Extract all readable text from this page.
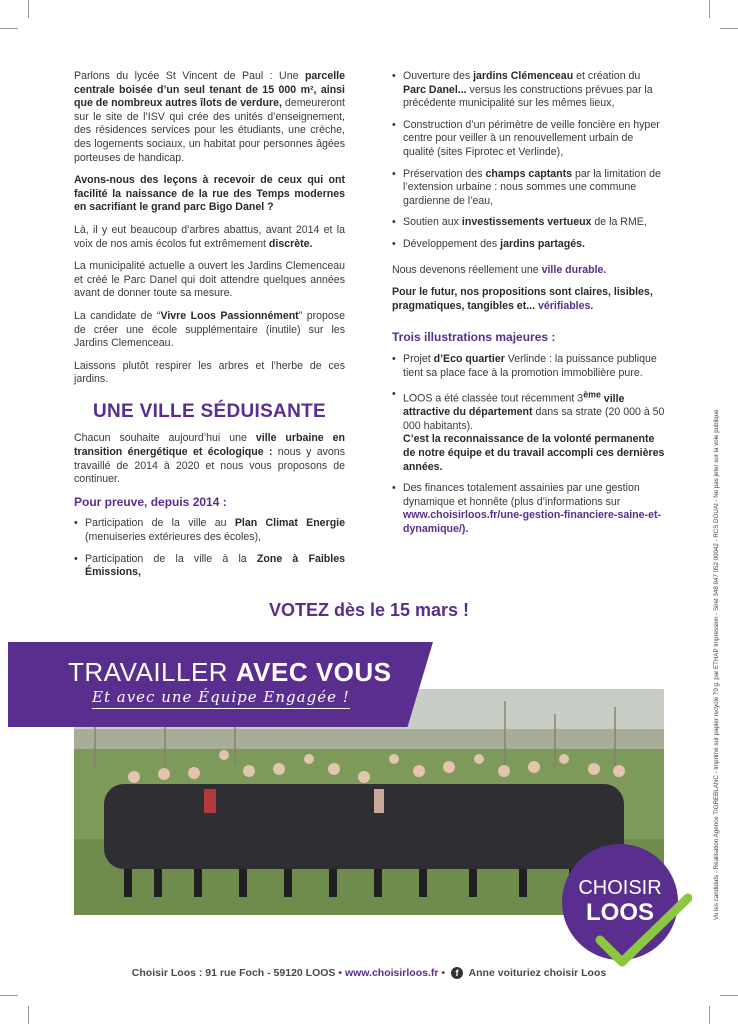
Parlons du lycée St Vincent de Paul : Une parcelle centrale boisée d’un seul tenant de 15 000 m², ainsi que de nombreux autres îlots de verdure, demeureront sur le site de l’ISV qui crée des unités d’enseignement, des résidences services pour les étudiants, une crèche, des logements sociaux, un habitat pour personnes âgées porteuses de handicap.

Avons-nous des leçons à recevoir de ceux qui ont facilité la naissance de la rue des Temps modernes en sacrifiant le grand parc Bigo Danel ?

Là, il y eut beaucoup d’arbres abattus, avant 2014 et la voix de nos amis écolos fut extrêmement discrète.

La municipalité actuelle a ouvert les Jardins Clemenceau et créé le Parc Danel qui doit attendre quelques années avant de donner toute sa mesure.

La candidate de “Vivre Loos Passionnément” propose de créer une école supplémentaire (inutile) sur les Jardins Clemenceau.

Laissons plutôt respirer les arbres et l’herbe de ces jardins.

UNE VILLE SÉDUISANTE

Chacun souhaite aujourd’hui une ville urbaine en transition énergétique et écologique : nous y avons travaillé de 2014 à 2020 et nous vous proposons de continuer.

Pour preuve, depuis 2014 :
• Participation de la ville au Plan Climat Energie (menuiseries extérieures des écoles),
• Participation de la ville à la Zone à Faibles Émissions,
• Ouverture des jardins Clémenceau et création du Parc Danel... versus les constructions prévues par la précédente municipalité sur les mêmes lieux,
• Construction d’un périmètre de veille foncière en hyper centre pour veiller à un renouvellement urbain de qualité (sites Fiprotec et Verlinde),
• Préservation des champs captants par la limitation de l’extension urbaine : nous sommes une commune gardienne de l’eau,
• Soutien aux investissements vertueux de la RME,
• Développement des jardins partagés.

Nous devenons réellement une ville durable.

Pour le futur, nos propositions sont claires, lisibles, pragmatiques, tangibles et... vérifiables.

Trois illustrations majeures :
• Projet d’Eco quartier Verlinde : la puissance publique tient sa place face à la promotion immobilière pure.
• LOOS a été classée tout récemment 3ème ville attractive du département dans sa strate (20 000 à 50 000 habitants).
C’est la reconnaissance de la volonté permanente de notre équipe et du travail accompli ces dernières années.
• Des finances totalement assainies par une gestion dynamique et honnête (plus d’informations sur www.choisirloos.fr/une-gestion-financiere-saine-et-dynamique/).
VOTEZ dès le 15 mars !
TRAVAILLER AVEC VOUS
Et avec une Équipe Engagée !
CHOISIR
LOOS
Choisir Loos : 91 rue Foch - 59120 LOOS • www.choisirloos.fr • f Anne voituriez choisir Loos
Vu les candidats - Réalisation Agence TIGREBLANC - Imprimé sur papier recyclé 70 g. par ETHAP Impression - Siret 348 947 052 00042 - RCS DOUAI - Ne pas jeter sur la voie publique
